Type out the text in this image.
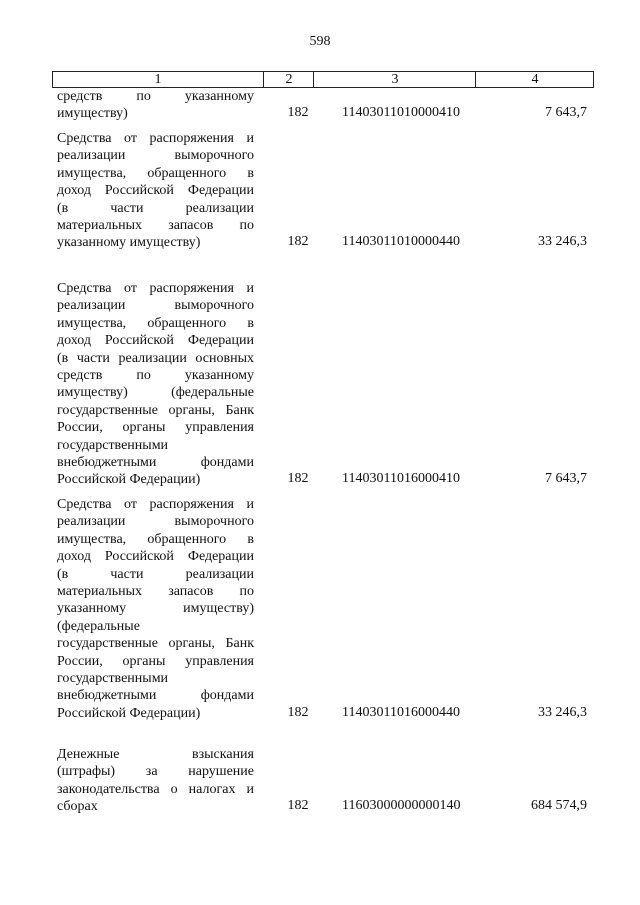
598
1	2	3	4
средств по указанному
имуществу)	182	11403011010000410	7 643,7
Средства от распоряжения и
реализации выморочного
имущества, обращенного в
доход Российской Федерации
(в части реализации
материальных запасов по
указанному имуществу)	182	11403011010000440	33 246,3
Средства от распоряжения и
реализации выморочного
имущества, обращенного в
доход Российской Федерации
(в части реализации основных
средств по указанному
имуществу) (федеральные
государственные органы, Банк
России, органы управления
государственными
внебюджетными фондами
Российской Федерации)	182	11403011016000410	7 643,7
Средства от распоряжения и
реализации выморочного
имущества, обращенного в
доход Российской Федерации
(в части реализации
материальных запасов по
указанному имуществу)
(федеральные
государственные органы, Банк
России, органы управления
государственными
внебюджетными фондами
Российской Федерации)	182	11403011016000440	33 246,3
Денежные взыскания
(штрафы) за нарушение
законодательства о налогах и
сборах	182	11603000000000140	684 574,9
